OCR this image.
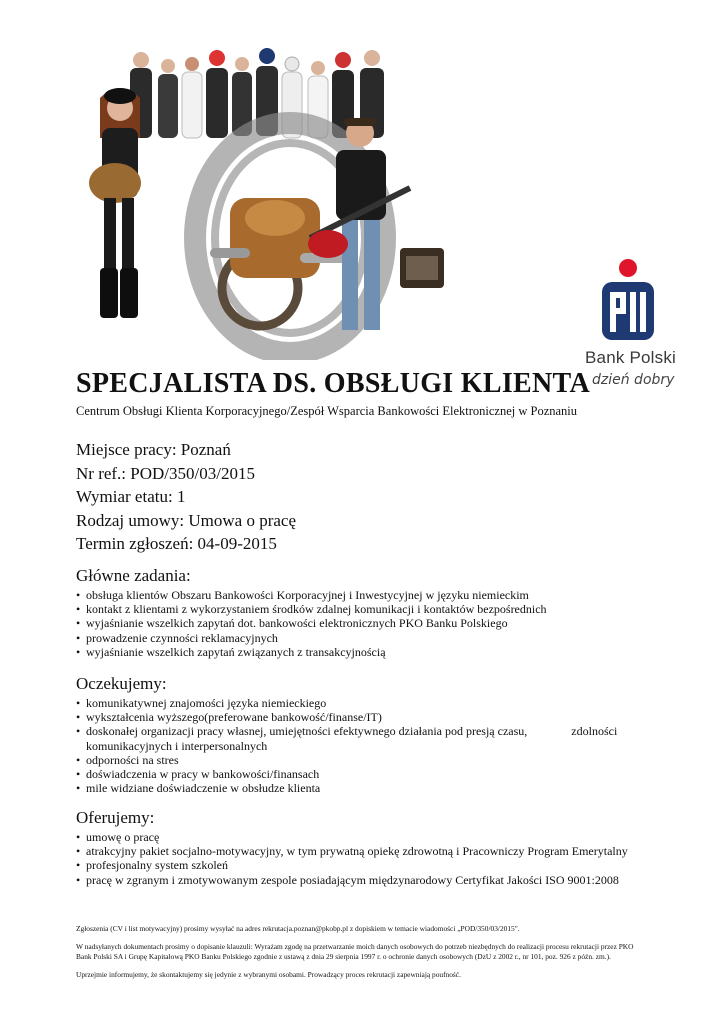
Bank Polski
dzień dobry
SPECJALISTA DS. OBSŁUGI KLIENTA
Centrum Obsługi Klienta Korporacyjnego/Zespół Wsparcia Bankowości Elektronicznej w Poznaniu
Miejsce pracy: Poznań
Nr ref.: POD/350/03/2015
Wymiar etatu: 1
Rodzaj umowy: Umowa o pracę
Termin zgłoszeń: 04-09-2015
Główne zadania:
• obsługa klientów Obszaru Bankowości Korporacyjnej i Inwestycyjnej w języku niemieckim
• kontakt z klientami z wykorzystaniem środków zdalnej komunikacji i kontaktów bezpośrednich
• wyjaśnianie wszelkich zapytań dot. bankowości elektronicznych PKO Banku Polskiego
• prowadzenie czynności reklamacyjnych
• wyjaśnianie wszelkich zapytań związanych z transakcyjnością
Oczekujemy:
• komunikatywnej znajomości języka niemieckiego
• wykształcenia wyższego(preferowane bankowość/finanse/IT)
• doskonałej organizacji pracy własnej, umiejętności efektywnego działania pod presją czasu,	zdolności komunikacyjnych i interpersonalnych
• odporności na stres
• doświadczenia w pracy w bankowości/finansach
• mile widziane doświadczenie w obsłudze klienta
Oferujemy:
• umowę o pracę
• atrakcyjny pakiet socjalno-motywacyjny, w tym prywatną opiekę zdrowotną i Pracowniczy Program Emerytalny
• profesjonalny system szkoleń
• pracę w zgranym i zmotywowanym zespole posiadającym międzynarodowy Certyfikat Jakości ISO 9001:2008

Zgłoszenia (CV i list motywacyjny) prosimy wysyłać na adres rekrutacja.poznan@pkobp.pl z dopiskiem w temacie wiadomości „POD/350/03/2015".

W nadsyłanych dokumentach prosimy o dopisanie klauzuli: Wyrażam zgodę na przetwarzanie moich danych osobowych do potrzeb niezbędnych do realizacji procesu rekrutacji przez PKO Bank Polski SA i Grupę Kapitałową PKO Banku Polskiego zgodnie z ustawą z dnia 29 sierpnia 1997 r. o ochronie danych osobowych (DzU z 2002 r., nr 101, poz. 926 z późn. zm.).

Uprzejmie informujemy, że skontaktujemy się jedynie z wybranymi osobami. Prowadzący proces rekrutacji zapewniają poufność.
